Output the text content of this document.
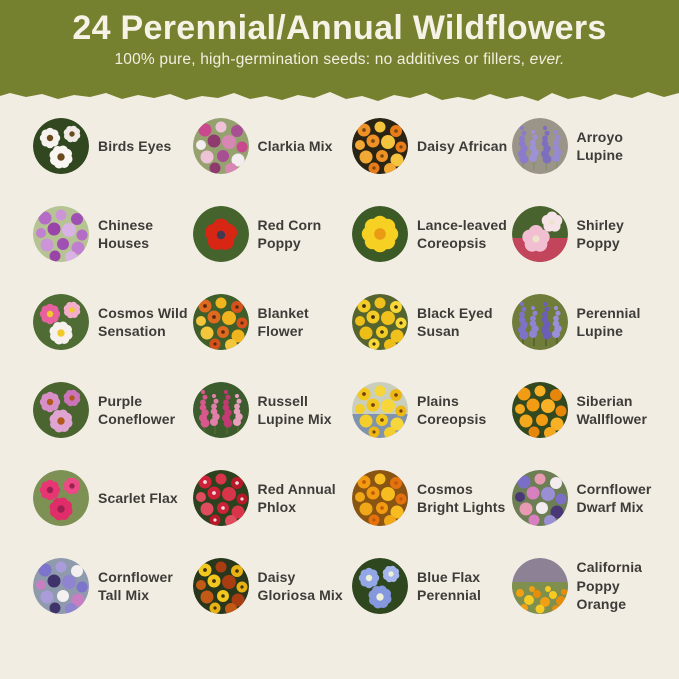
24 Perennial/Annual Wildflowers

100% pure, high-germination seeds: no additives or fillers, ever.

Birds Eyes	Clarkia Mix	Daisy African
Arroyo Lupine
Chinese Houses
Red Corn Poppy
Lance-leaved Coreopsis
Shirley Poppy
Cosmos Wild Sensation
Blanket Flower
Black Eyed Susan
Perennial Lupine
Purple Coneflower
Russell Lupine Mix
Plains Coreopsis
Siberian Wallflower
Scarlet Flax
Red Annual Phlox
Cosmos Bright Lights
Cornflower Dwarf Mix
Cornflower Tall Mix
Daisy Gloriosa Mix
Blue Flax Perennial
California Poppy Orange
